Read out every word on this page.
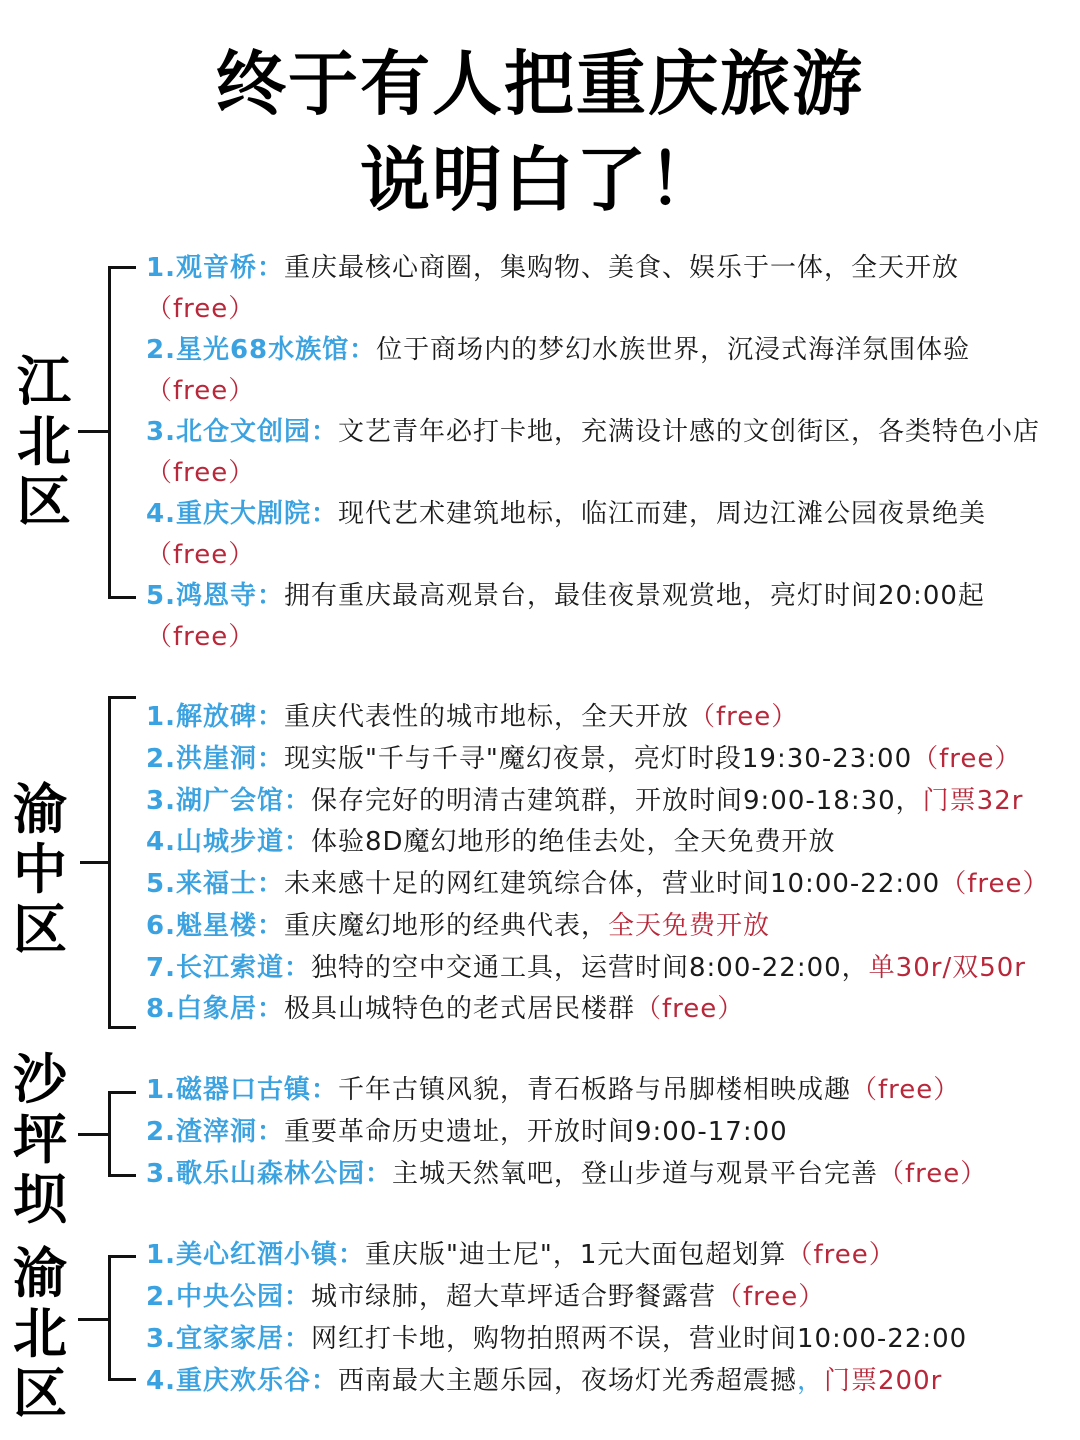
终于有人把重庆旅游
说明白了！
江
北
区
1.观音桥：重庆最核心商圈，集购物、美食、娱乐于一体，全天开放 （free）
2.星光68水族馆：位于商场内的梦幻水族世界，沉浸式海洋氛围体验
（free）
3.北仓文创园：文艺青年必打卡地，充满设计感的文创街区，各类特色小店（free）
4.重庆大剧院：现代艺术建筑地标，临江而建，周边江滩公园夜景绝美
（free）
5.鸿恩寺：拥有重庆最高观景台，最佳夜景观赏地，亮灯时间20:00起
（free）
渝
中
区
1.解放碑：重庆代表性的城市地标，全天开放（free）
2.洪崖洞：现实版"千与千寻"魔幻夜景，亮灯时段19:30-23:00（free）
3.湖广会馆：保存完好的明清古建筑群，开放时间9:00-18:30，门票32r
4.山城步道：体验8D魔幻地形的绝佳去处，全天免费开放
5.来福士：未来感十足的网红建筑综合体，营业时间10:00-22:00（free）
6.魁星楼：重庆魔幻地形的经典代表，全天免费开放
7.长江索道：独特的空中交通工具，运营时间8:00-22:00，单30r/双50r
8.白象居：极具山城特色的老式居民楼群（free）
沙
坪
坝
1.磁器口古镇：千年古镇风貌，青石板路与吊脚楼相映成趣（free）
2.渣滓洞：重要革命历史遗址，开放时间9:00-17:00
3.歌乐山森林公园：主城天然氧吧，登山步道与观景平台完善（free）
渝
北
区
1.美心红酒小镇：重庆版"迪士尼"，1元大面包超划算（free）
2.中央公园：城市绿肺，超大草坪适合野餐露营（free）
3.宜家家居：网红打卡地，购物拍照两不误，营业时间10:00-22:00
4.重庆欢乐谷：西南最大主题乐园，夜场灯光秀超震撼，门票200r
